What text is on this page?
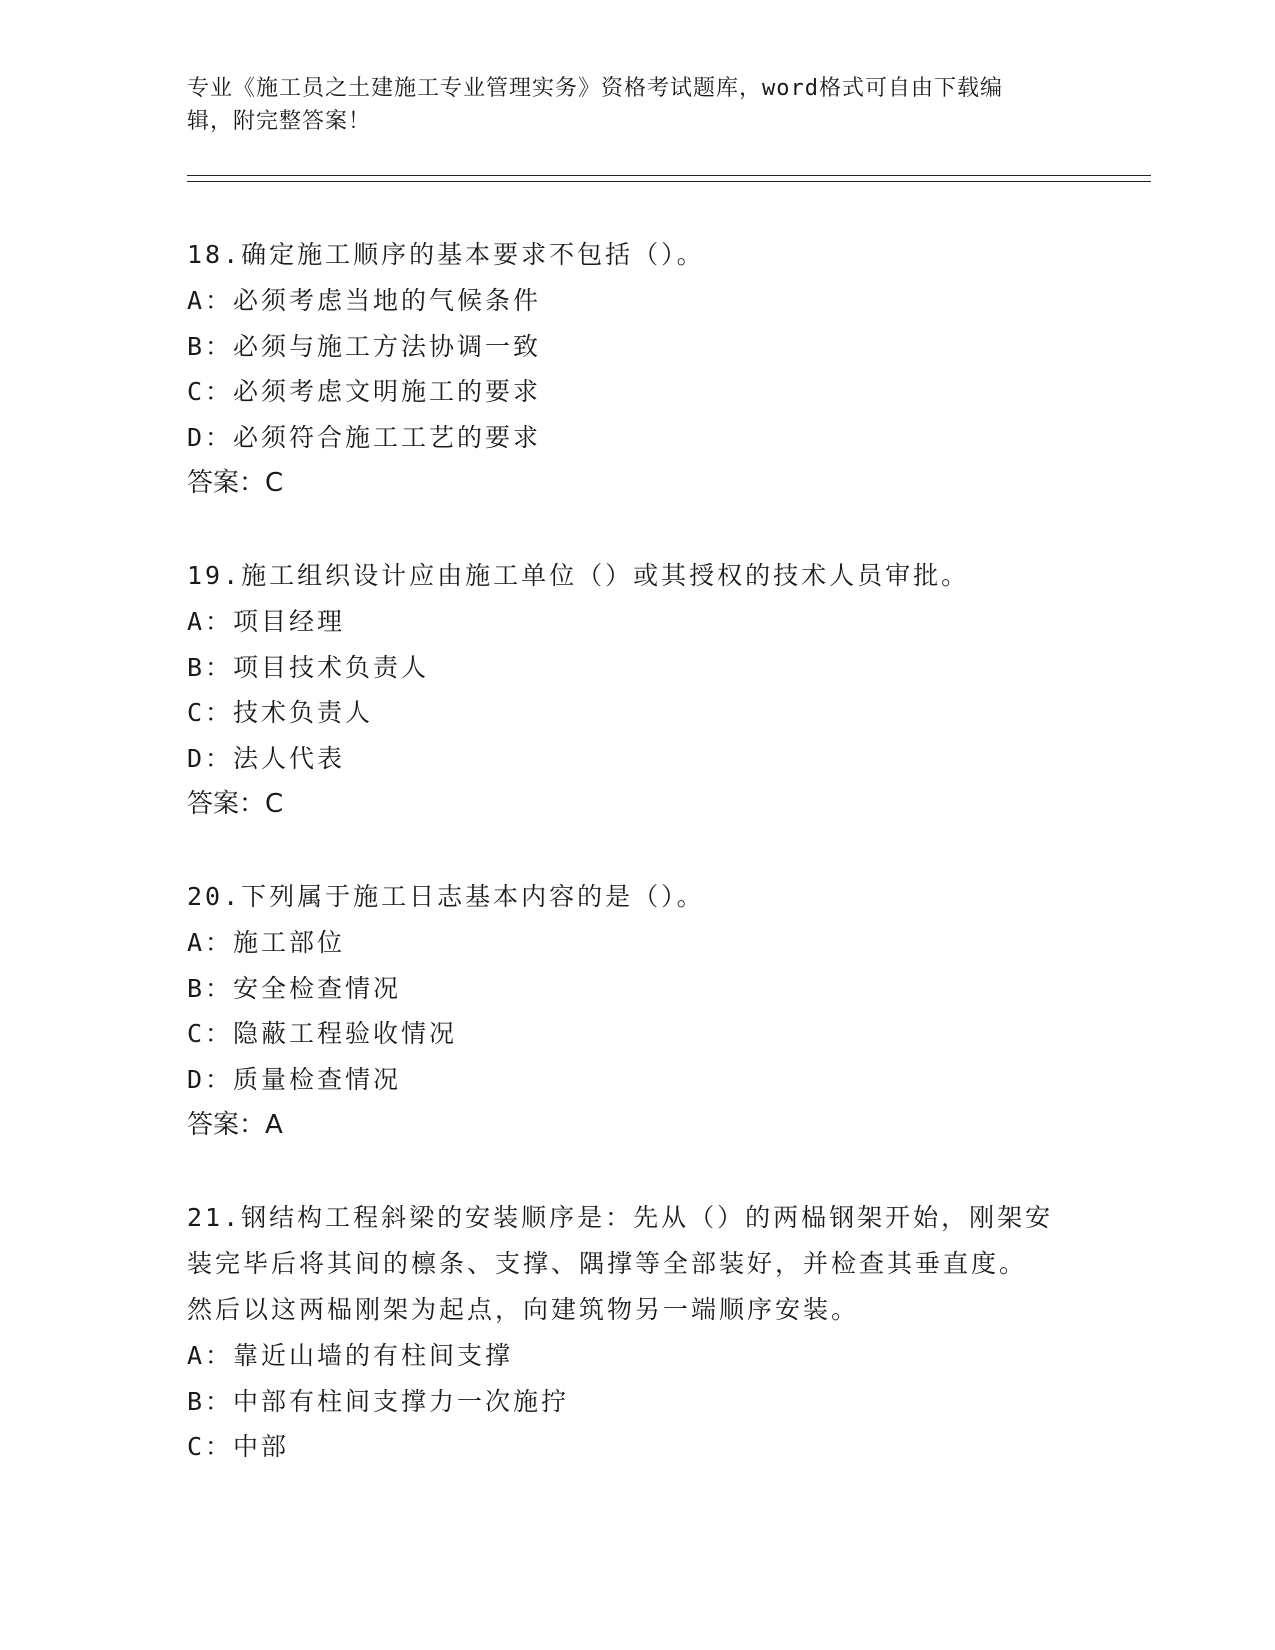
专业《施工员之土建施工专业管理实务》资格考试题库，word格式可自由下载编
辑，附完整答案！

18.确定施工顺序的基本要求不包括（）。

A：必须考虑当地的气候条件

B：必须与施工方法协调一致

C：必须考虑文明施工的要求

D：必须符合施工工艺的要求

答案：C

19.施工组织设计应由施工单位（）或其授权的技术人员审批。

A：项目经理

B：项目技术负责人

C：技术负责人

D：法人代表

答案：C

20.下列属于施工日志基本内容的是（）。

A：施工部位

B：安全检查情况

C：隐蔽工程验收情况

D：质量检查情况

答案：A

21.钢结构工程斜梁的安装顺序是：先从（）的两榀钢架开始，刚架安

装完毕后将其间的檩条、支撑、隅撑等全部装好，并检查其垂直度。

然后以这两榀刚架为起点，向建筑物另一端顺序安装。

A：靠近山墙的有柱间支撑

B：中部有柱间支撑力一次施拧

C：中部
